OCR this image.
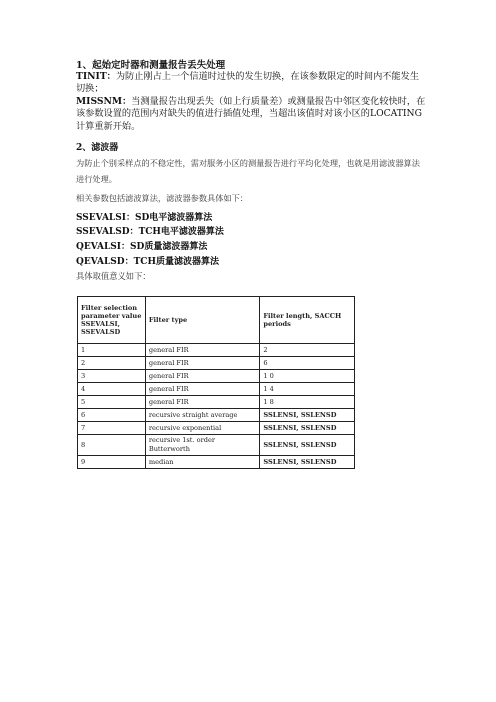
1、起始定时器和测量报告丢失处理
TINIT：为防止刚占上一个信道时过快的发生切换，在该参数限定的时间内不能发生切换；
MISSNM：当测量报告出现丢失（如上行质量差）或测量报告中邻区变化较快时，在该参数设置的范围内对缺失的值进行插值处理，当超出该值时对该小区的LOCATING计算重新开始。
2、滤波器
为防止个别采样点的不稳定性，需对服务小区的测量报告进行平均化处理，也就是用滤波器算法进行处理。
相关参数包括滤波算法，滤波器参数具体如下：
SSEVALSI：SD电平滤波器算法
SSEVALSD：TCH电平滤波器算法
QEVALSI：SD质量滤波器算法
QEVALSD：TCH质量滤波器算法
具体取值意义如下：
Filter selection parameter value SSEVALSI, SSEVALSD	Filter type	Filter length, SACCH periods
1	general FIR	2
2	general FIR	6
3	general FIR	1 0
4	general FIR	1 4
5	general FIR	1 8
6	recursive straight average	SSLENSI, SSLENSD
7	recursive exponential	SSLENSI, SSLENSD
8	recursive 1st. order Butterworth	SSLENSI, SSLENSD
9	median	SSLENSI, SSLENSD
